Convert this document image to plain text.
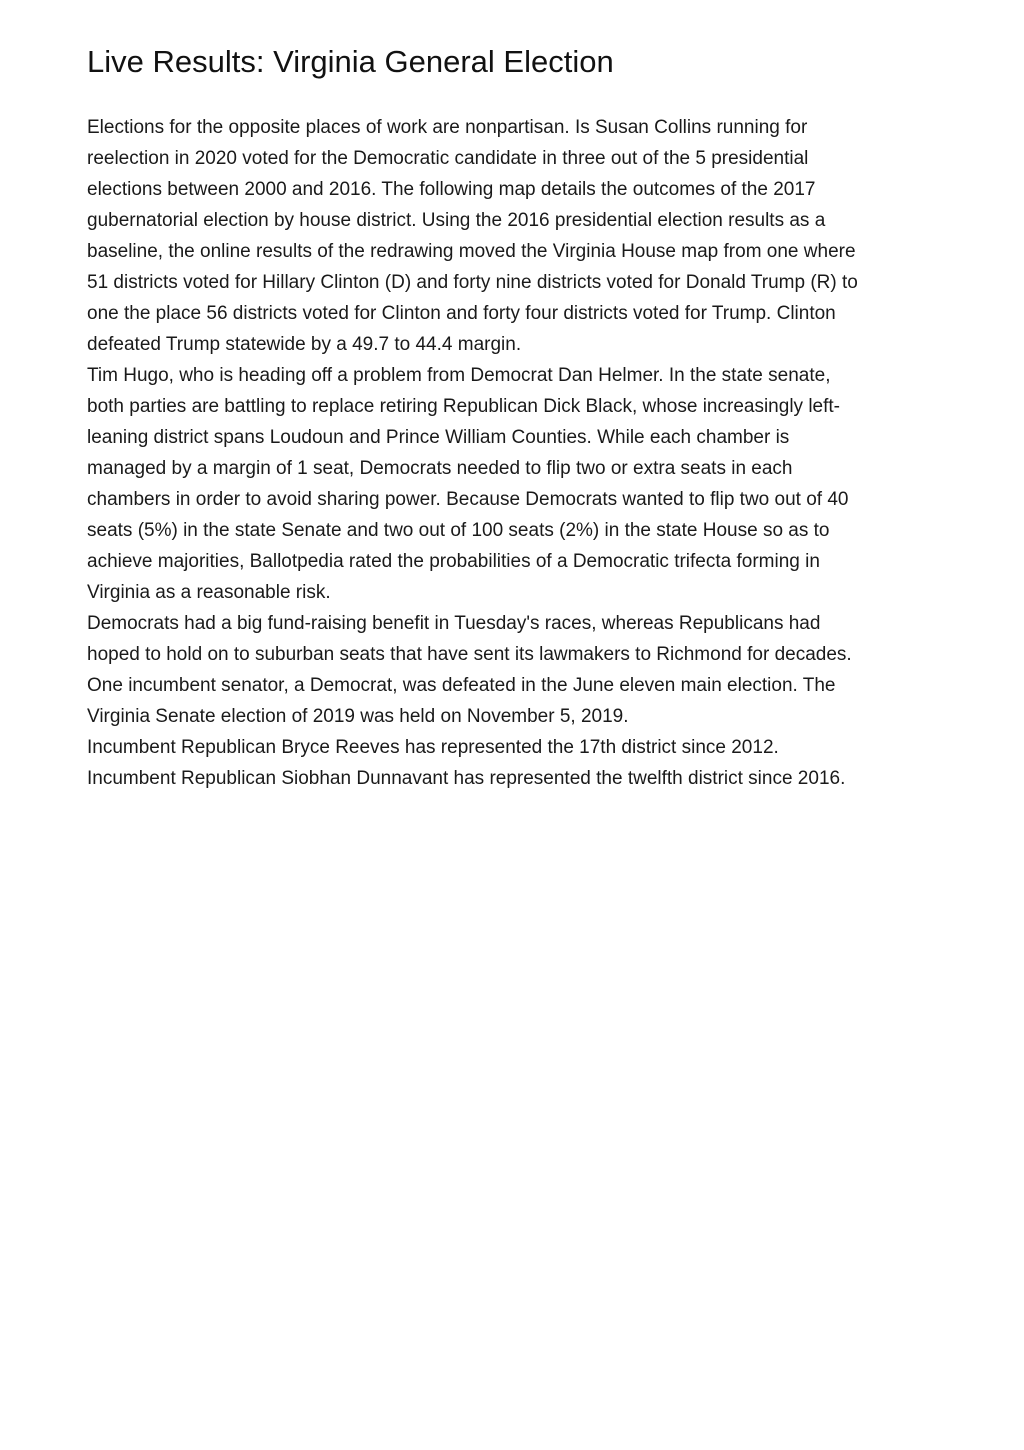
Live Results: Virginia General Election

Elections for the opposite places of work are nonpartisan. Is Susan Collins running for
reelection in 2020 voted for the Democratic candidate in three out of the 5 presidential
elections between 2000 and 2016. The following map details the outcomes of the 2017
gubernatorial election by house district. Using the 2016 presidential election results as a
baseline, the online results of the redrawing moved the Virginia House map from one where
51 districts voted for Hillary Clinton (D) and forty nine districts voted for Donald Trump (R) to
one the place 56 districts voted for Clinton and forty four districts voted for Trump. Clinton
defeated Trump statewide by a 49.7 to 44.4 margin.

Tim Hugo, who is heading off a problem from Democrat Dan Helmer. In the state senate,
both parties are battling to replace retiring Republican Dick Black, whose increasingly left-
leaning district spans Loudoun and Prince William Counties. While each chamber is
managed by a margin of 1 seat, Democrats needed to flip two or extra seats in each
chambers in order to avoid sharing power. Because Democrats wanted to flip two out of 40
seats (5%) in the state Senate and two out of 100 seats (2%) in the state House so as to
achieve majorities, Ballotpedia rated the probabilities of a Democratic trifecta forming in
Virginia as a reasonable risk.

Democrats had a big fund-raising benefit in Tuesday's races, whereas Republicans had
hoped to hold on to suburban seats that have sent its lawmakers to Richmond for decades.
One incumbent senator, a Democrat, was defeated in the June eleven main election. The
Virginia Senate election of 2019 was held on November 5, 2019.

Incumbent Republican Bryce Reeves has represented the 17th district since 2012.

Incumbent Republican Siobhan Dunnavant has represented the twelfth district since 2016.
